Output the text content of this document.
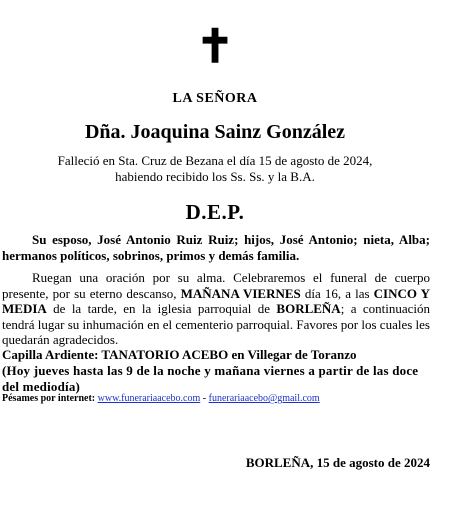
✝
LA SEÑORA
Dña. Joaquina Sainz González
Falleció en Sta. Cruz de Bezana el día 15 de agosto de 2024,
habiendo recibido los Ss. Ss. y la B.A.
D.E.P.
Su esposo, José Antonio Ruiz Ruiz; hijos, José Antonio; nieta, Alba; hermanos políticos, sobrinos, primos y demás familia.
Ruegan una oración por su alma. Celebraremos el funeral de cuerpo presente, por su eterno descanso, MAÑANA VIERNES día 16, a las CINCO Y MEDIA de la tarde, en la iglesia parroquial de BORLEÑA; a continuación tendrá lugar su inhumación en el cementerio parroquial. Favores por los cuales les quedarán agradecidos.
Capilla Ardiente: TANATORIO ACEBO en Villegar de Toranzo
(Hoy jueves hasta las 9 de la noche y mañana viernes a partir de las doce del mediodía)
Pésames por internet: www.funerariaacebo.com - funerariaacebo@gmail.com
BORLEÑA, 15 de agosto de 2024
